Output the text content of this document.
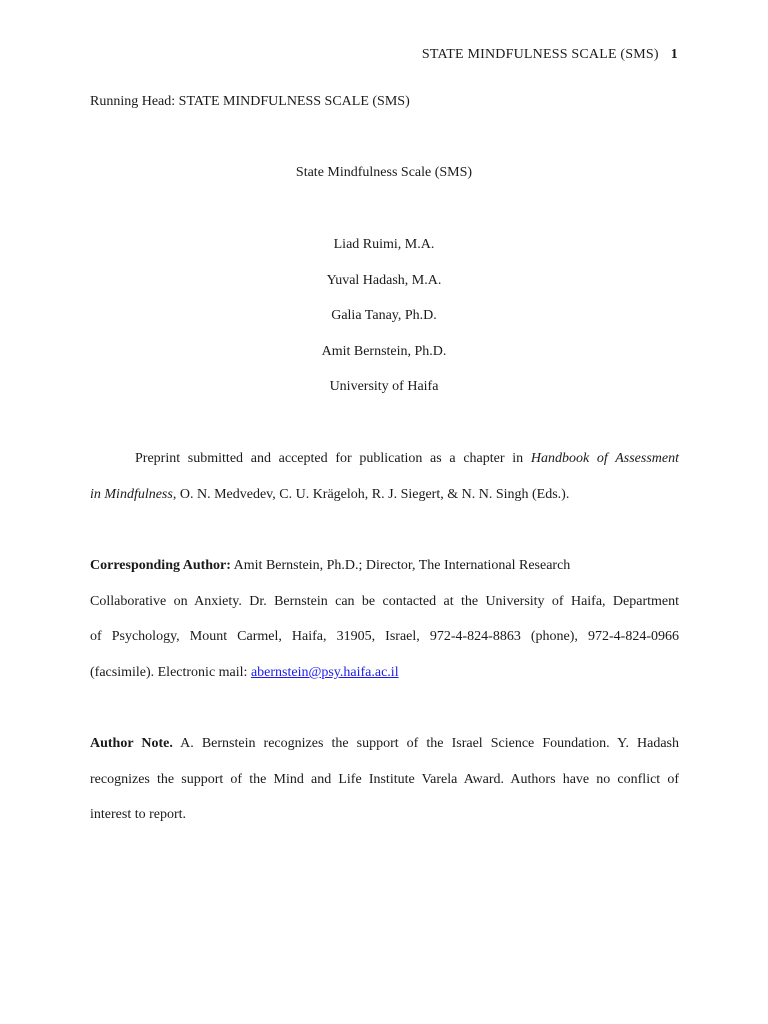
STATE MINDFULNESS SCALE (SMS) 1
Running Head: STATE MINDFULNESS SCALE (SMS)
State Mindfulness Scale (SMS)
Liad Ruimi, M.A.
Yuval Hadash, M.A.
Galia Tanay, Ph.D.
Amit Bernstein, Ph.D.
University of Haifa
Preprint submitted and accepted for publication as a chapter in Handbook of Assessment
in Mindfulness, O. N. Medvedev, C. U. Krägeloh, R. J. Siegert, & N. N. Singh (Eds.).
Corresponding Author: Amit Bernstein, Ph.D.; Director, The International Research
Collaborative on Anxiety. Dr. Bernstein can be contacted at the University of Haifa, Department
of Psychology, Mount Carmel, Haifa, 31905, Israel, 972-4-824-8863 (phone), 972-4-824-0966
(facsimile). Electronic mail: abernstein@psy.haifa.ac.il
Author Note. A. Bernstein recognizes the support of the Israel Science Foundation. Y. Hadash
recognizes the support of the Mind and Life Institute Varela Award. Authors have no conflict of
interest to report.
